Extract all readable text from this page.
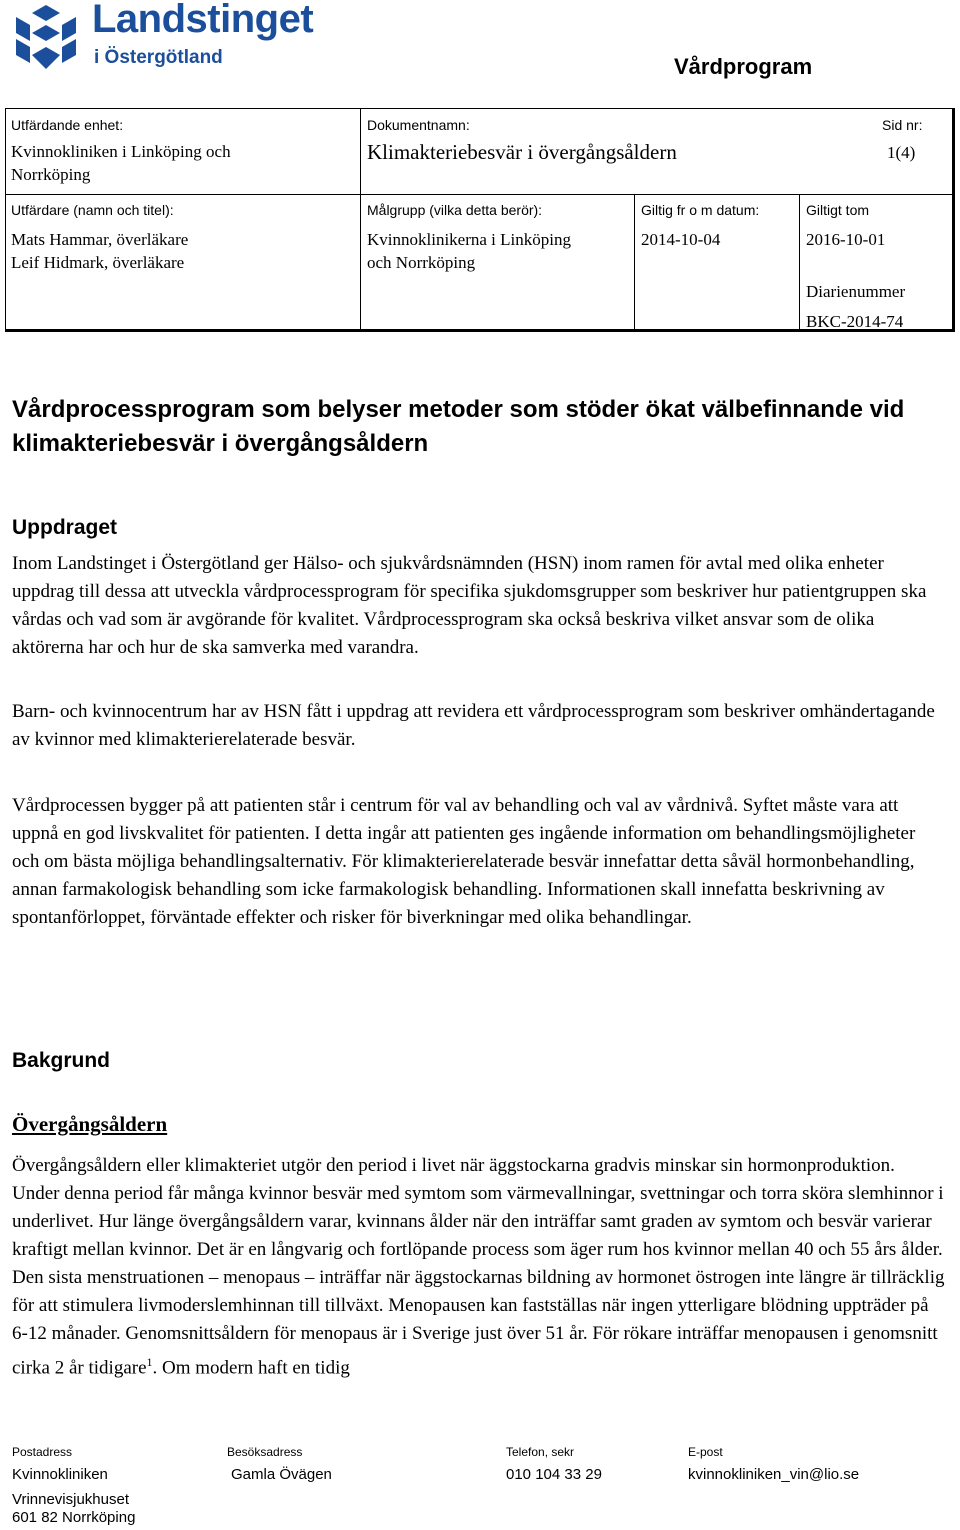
Landstinget
i Östergötland	Vårdprogram
Utfärdande enhet:
Kvinnokliniken i Linköping och Norrköping
Dokumentnamn:
Klimakteriebesvär i övergångsåldern
Sid nr:
1(4)
Utfärdare (namn och titel):
Mats Hammar, överläkare
Leif Hidmark, överläkare
Målgrupp (vilka detta berör):
Kvinnoklinikerna i Linköping
och Norrköping
Giltig fr o m datum:
2014-10-04
Giltigt tom
2016-10-01
Diarienummer
BKC-2014-74
Vårdprocessprogram som belyser metoder som stöder ökat välbefinnande vid klimakteriebesvär i övergångsåldern
Uppdraget

Inom Landstinget i Östergötland ger Hälso- och sjukvårdsnämnden (HSN) inom ramen för avtal med olika enheter uppdrag till dessa att utveckla vårdprocessprogram för specifika sjukdomsgrupper som beskriver hur patientgruppen ska vårdas och vad som är avgörande för kvalitet. Vårdprocessprogram ska också beskriva vilket ansvar som de olika aktörerna har och hur de ska samverka med varandra.

Barn- och kvinnocentrum har av HSN fått i uppdrag att revidera ett vårdprocessprogram som beskriver omhändertagande av kvinnor med klimakterierelaterade besvär.

Vårdprocessen bygger på att patienten står i centrum för val av behandling och val av vårdnivå. Syftet måste vara att uppnå en god livskvalitet för patienten. I detta ingår att patienten ges ingående information om behandlingsmöjligheter och om bästa möjliga behandlingsalternativ. För klimakterierelaterade besvär innefattar detta såväl hormonbehandling, annan farmakologisk behandling som icke farmakologisk behandling. Informationen skall innefatta beskrivning av spontanförloppet, förväntade effekter och risker för biverkningar med olika behandlingar.

Bakgrund
Övergångsåldern

Övergångsåldern eller klimakteriet utgör den period i livet när äggstockarna gradvis minskar sin hormonproduktion. Under denna period får många kvinnor besvär med symtom som värmevallningar, svettningar och torra sköra slemhinnor i underlivet. Hur länge övergångsåldern varar, kvinnans ålder när den inträffar samt graden av symtom och besvär varierar kraftigt mellan kvinnor. Det är en långvarig och fortlöpande process som äger rum hos kvinnor mellan 40 och 55 års ålder. Den sista menstruationen – menopaus – inträffar när äggstockarnas bildning av hormonet östrogen inte längre är tillräcklig för att stimulera livmoderslemhinnan till tillväxt. Menopausen kan fastställas när ingen ytterligare blödning uppträder på 6-12 månader. Genomsnittsåldern för menopaus är i Sverige just över 51 år. För rökare inträffar menopausen i genomsnitt cirka 2 år tidigare$^1$. Om modern haft en tidig

Postadress
Kvinnokliniken
Vrinnevisjukhuset
601 82 Norrköping
Besöksadress
Gamla Övägen
Telefon, sekr
010 104 33 29
E-post
kvinnokliniken_vin@lio.se
